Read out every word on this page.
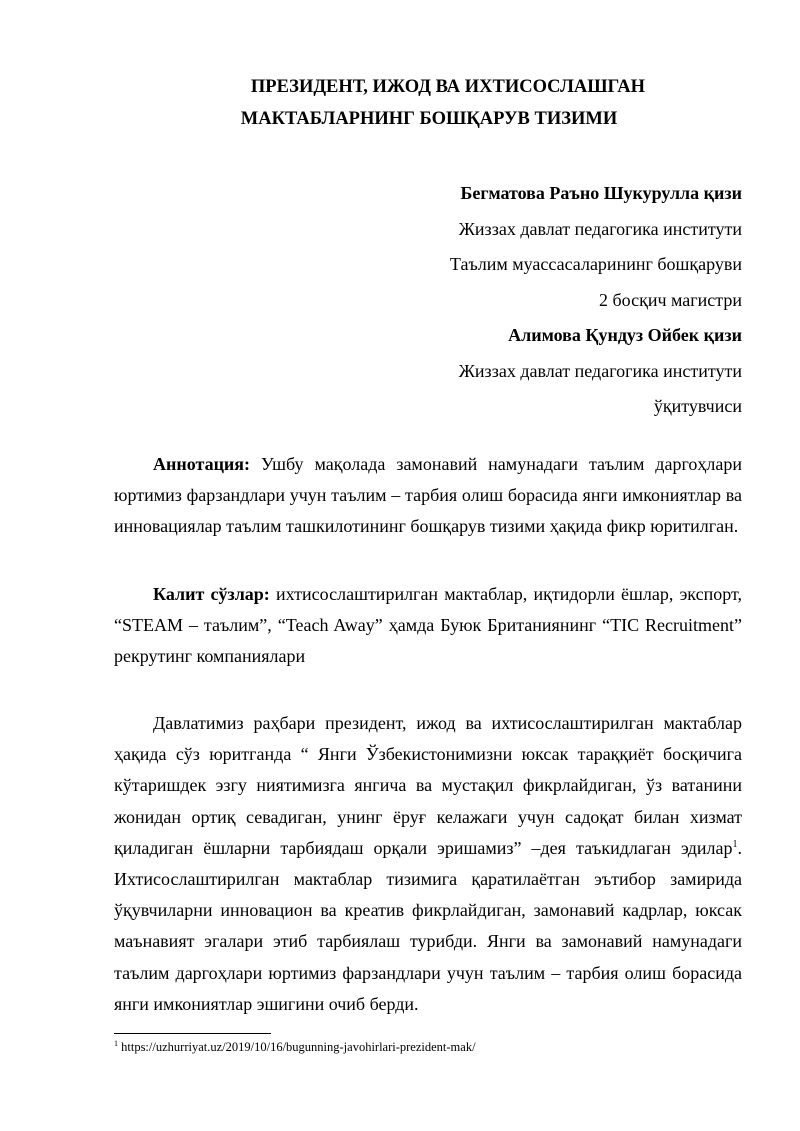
ПРЕЗИДЕНТ, ИЖОД ВА ИХТИСОСЛАШГАН
МАКТАБЛАРНИНГ БОШҚАРУВ ТИЗИМИ
Бегматова Раъно Шукурулла қизи
Жиззах давлат педагогика институти
Таълим муассасаларининг бошқаруви
2 босқич магистри
Алимова Қундуз Ойбек қизи
Жиззах давлат педагогика институти
ўқитувчиси

Аннотация: Ушбу мақолада замонавий намунадаги таълим даргоҳлари юртимиз фарзандлари учун таълим – тарбия олиш борасида янги имкониятлар ва инновациялар таълим ташкилотининг бошқарув тизими ҳақида фикр юритилган.

Калит сўзлар: ихтисослаштирилган мактаблар, иқтидорли ёшлар, экспорт, “STEAM – таълим”, “Teach Away” ҳамда Буюк Британиянинг “TIC Recruitment” рекрутинг компаниялари

Давлатимиз раҳбари президент, ижод ва ихтисослаштирилган мактаблар ҳақида сўз юритганда “ Янги Ўзбекистонимизни юксак тараққиёт босқичига кўтаришдек эзгу ниятимизга янгича ва мустақил фикрлайдиган, ўз ватанини жонидан ортиқ севадиган, унинг ёруғ келажаги учун садоқат билан хизмат қиладиган ёшларни тарбиядаш орқали эришамиз” –дея таъкидлаган эдилар$^1$. Ихтисослаштирилган мактаблар тизимига қаратилаётган эътибор замирида ўқувчиларни инновацион ва креатив фикрлайдиган, замонавий кадрлар, юксак маънавият эгалари этиб тарбиялаш турибди. Янги ва замонавий намунадаги таълим даргоҳлари юртимиз фарзандлари учун таълим – тарбия олиш борасида янги имкониятлар эшигини очиб берди.

$^1$ https://uzhurriyat.uz/2019/10/16/bugunning-javohirlari-prezident-mak/
